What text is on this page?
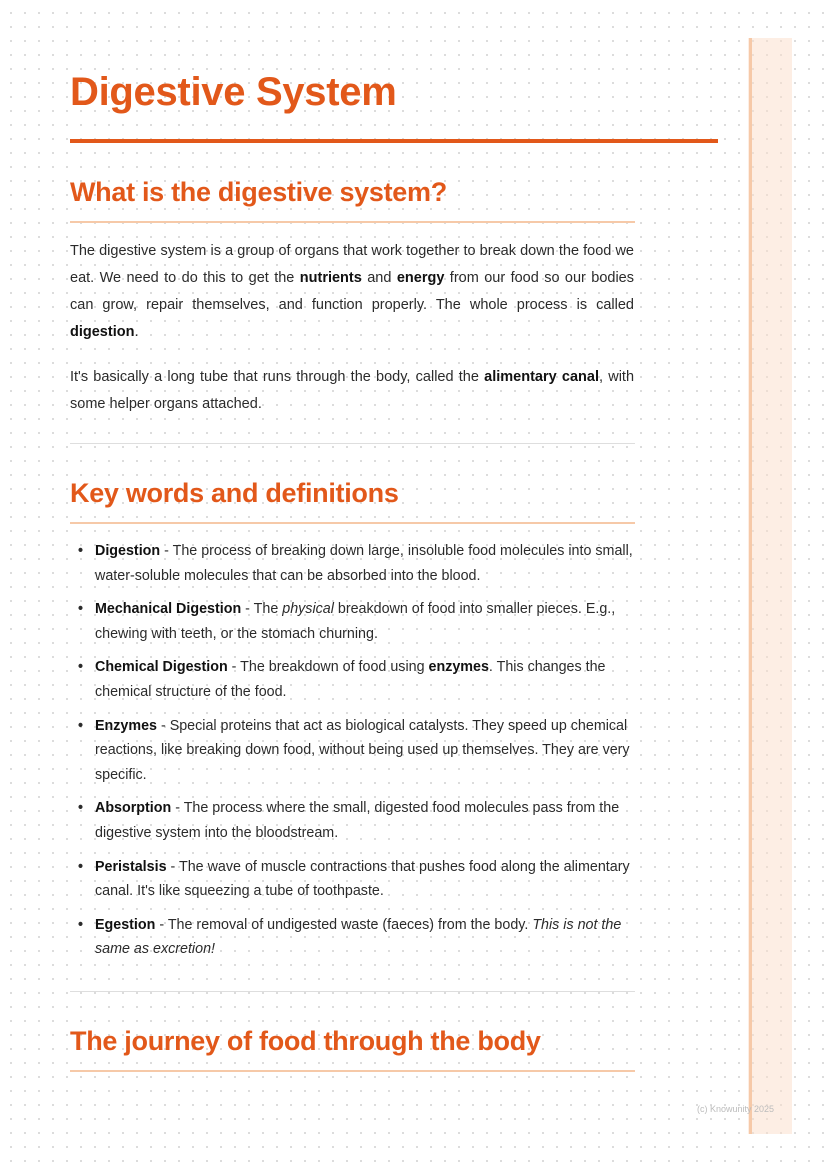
Digestive System
What is the digestive system?

The digestive system is a group of organs that work together to break down the food we eat. We need to do this to get the nutrients and energy from our food so our bodies can grow, repair themselves, and function properly. The whole process is called digestion.

It's basically a long tube that runs through the body, called the alimentary canal, with some helper organs attached.

Key words and definitions
• Digestion - The process of breaking down large, insoluble food molecules into small, water-soluble molecules that can be absorbed into the blood.
• Mechanical Digestion - The physical breakdown of food into smaller pieces. E.g., chewing with teeth, or the stomach churning.
• Chemical Digestion - The breakdown of food using enzymes. This changes the chemical structure of the food.
• Enzymes - Special proteins that act as biological catalysts. They speed up chemical reactions, like breaking down food, without being used up themselves. They are very specific.
• Absorption - The process where the small, digested food molecules pass from the digestive system into the bloodstream.
• Peristalsis - The wave of muscle contractions that pushes food along the alimentary canal. It's like squeezing a tube of toothpaste.
• Egestion - The removal of undigested waste (faeces) from the body. This is not the same as excretion!
The journey of food through the body
(c) Knowunity 2025
